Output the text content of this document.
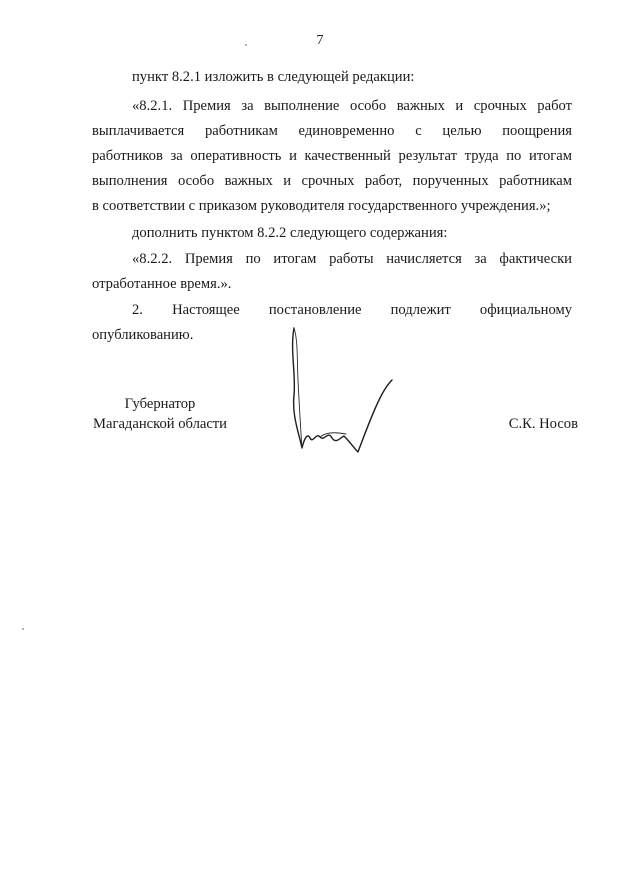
7
пункт 8.2.1 изложить в следующей редакции:
«8.2.1. Премия за выполнение особо важных и срочных работ
выплачивается работникам единовременно с целью поощрения
работников за оперативность и качественный результат труда по итогам
выполнения особо важных и срочных работ, порученных работникам
в соответствии с приказом руководителя государственного учреждения.»;
дополнить пунктом 8.2.2 следующего содержания:
«8.2.2. Премия по итогам работы начисляется за фактически
отработанное время.».
2. Настоящее постановление подлежит официальному
опубликованию.
Губернатор
Магаданской области	С.К. Носов
